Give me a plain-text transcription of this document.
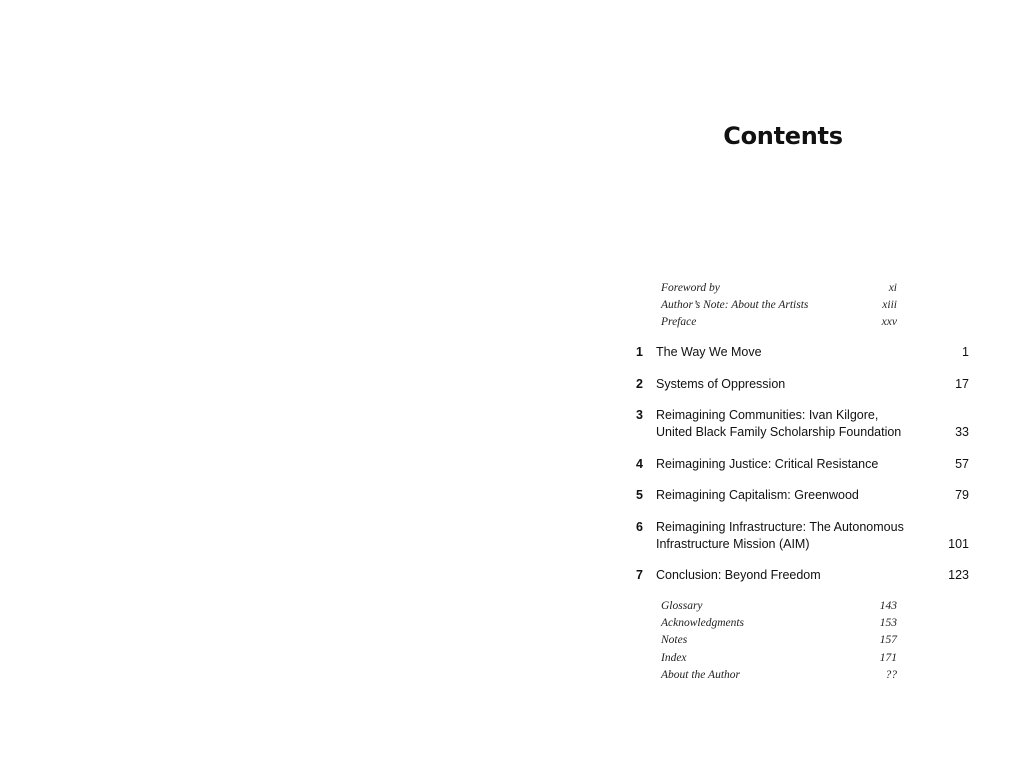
Contents
Foreword by	xi
Author’s Note: About the Artists	xiii
Preface	xxv
1	The Way We Move	1
2	Systems of Oppression	17
3	Reimagining Communities: Ivan Kilgore, United Black Family Scholarship Foundation	33
4	Reimagining Justice: Critical Resistance	57
5	Reimagining Capitalism: Greenwood	79
6	Reimagining Infrastructure: The Autonomous Infrastructure Mission (AIM)	101
7	Conclusion: Beyond Freedom	123
Glossary	143
Acknowledgments	153
Notes	157
Index	171
About the Author	??
